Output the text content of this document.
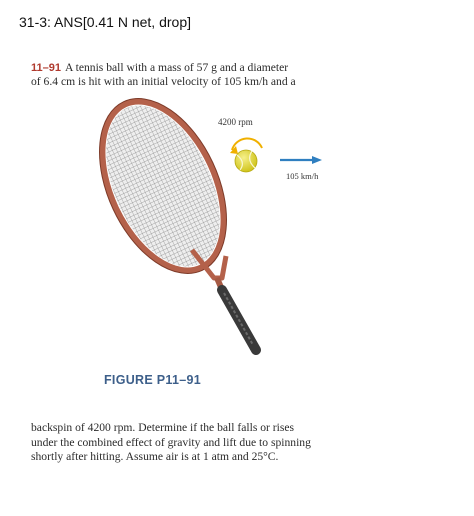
31-3: ANS[0.41 N net, drop]
11–91 A tennis ball with a mass of 57 g and a diameter
of 6.4 cm is hit with an initial velocity of 105 km/h and a
4200 rpm
105 km/h
FIGURE P11–91
backspin of 4200 rpm. Determine if the ball falls or rises
under the combined effect of gravity and lift due to spinning
shortly after hitting. Assume air is at 1 atm and 25°C.
